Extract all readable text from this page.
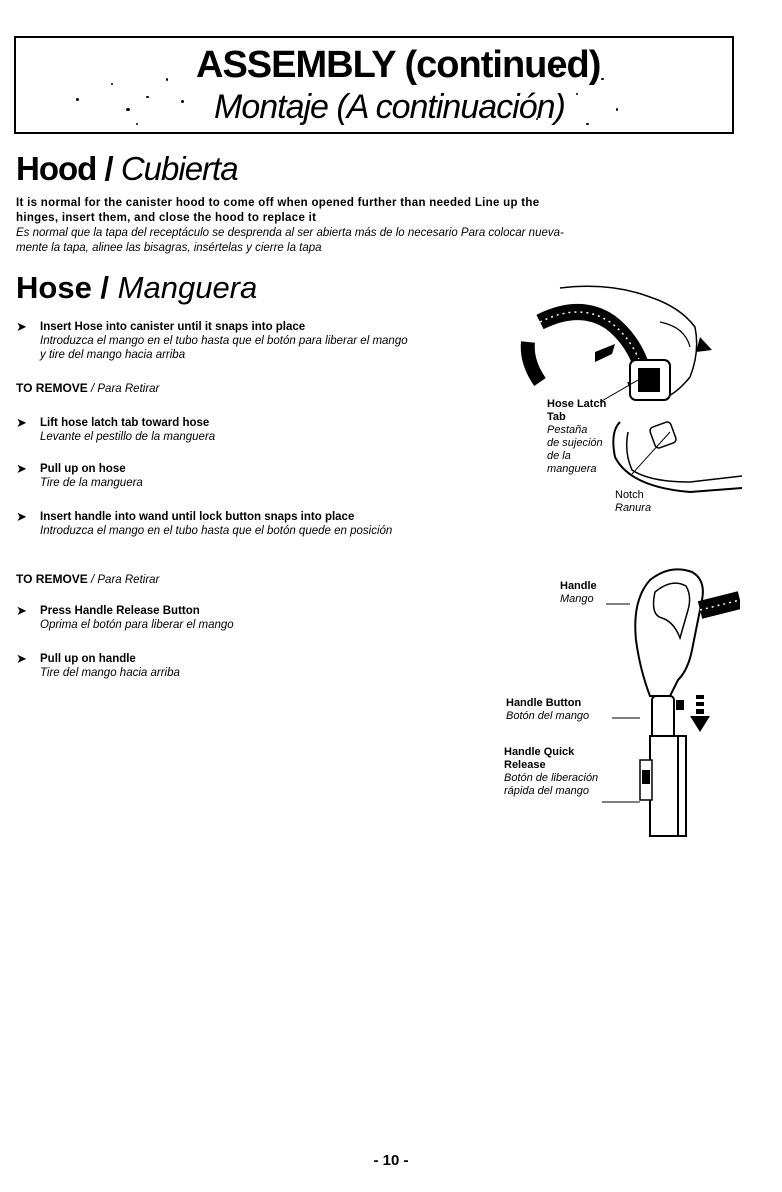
ASSEMBLY (continued)
Montaje (A continuación)
Hood / Cubierta
It is normal for the canister hood to come off when opened further than needed Line up the
hinges, insert them, and close the hood to replace it
Es normal que la tapa del receptáculo se desprenda al ser abierta más de lo necesario Para colocar nueva-
mente la tapa, alinee las bisagras, insértelas y cierre la tapa
Hose / Manguera
➤	Insert Hose into canister until it snaps into place
Introduzca el mango en el tubo hasta que el botón para liberar el mango
y tire del mango hacia arriba
TO REMOVE / Para Retirar
➤	Lift hose latch tab toward hose
Levante el pestillo de la manguera
➤	Pull up on hose
Tire de la manguera
➤	Insert handle into wand until lock button snaps into place
Introduzca el mango en el tubo hasta que el botón quede en posición
Hose Latch
Tab
Pestaña
de sujeción
de la
manguera
Notch
Ranura
TO REMOVE / Para Retirar
➤	Press Handle Release Button
Oprima el botón para liberar el mango
➤	Pull up on handle
Tire del mango hacia arriba
Handle
Mango
Handle Button
Botón del mango
Handle Quick
Release
Botón de liberación
rápida del mango
- 10 -
